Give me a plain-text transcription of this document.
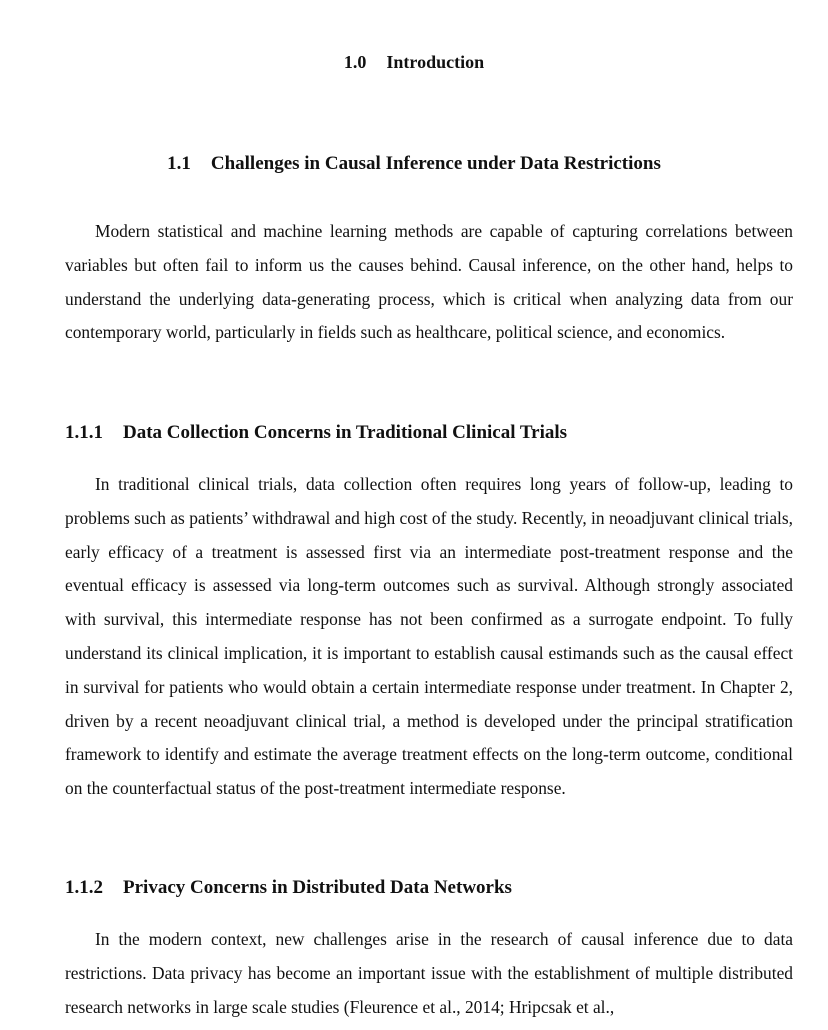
1.0 Introduction
1.1 Challenges in Causal Inference under Data Restrictions

Modern statistical and machine learning methods are capable of capturing correlations between variables but often fail to inform us the causes behind. Causal inference, on the other hand, helps to understand the underlying data-generating process, which is critical when analyzing data from our contemporary world, particularly in fields such as healthcare, political science, and economics.

1.1.1 Data Collection Concerns in Traditional Clinical Trials

In traditional clinical trials, data collection often requires long years of follow-up, leading to problems such as patients’ withdrawal and high cost of the study. Recently, in neoadjuvant clinical trials, early efficacy of a treatment is assessed first via an intermediate post-treatment response and the eventual efficacy is assessed via long-term outcomes such as survival. Although strongly associated with survival, this intermediate response has not been confirmed as a surrogate endpoint. To fully understand its clinical implication, it is important to establish causal estimands such as the causal effect in survival for patients who would obtain a certain intermediate response under treatment. In Chapter 2, driven by a recent neoadjuvant clinical trial, a method is developed under the principal stratification framework to identify and estimate the average treatment effects on the long-term outcome, conditional on the counterfactual status of the post-treatment intermediate response.

1.1.2 Privacy Concerns in Distributed Data Networks

In the modern context, new challenges arise in the research of causal inference due to data restrictions. Data privacy has become an important issue with the establishment of multiple distributed research networks in large scale studies (Fleurence et al., 2014; Hripcsak et al.,
